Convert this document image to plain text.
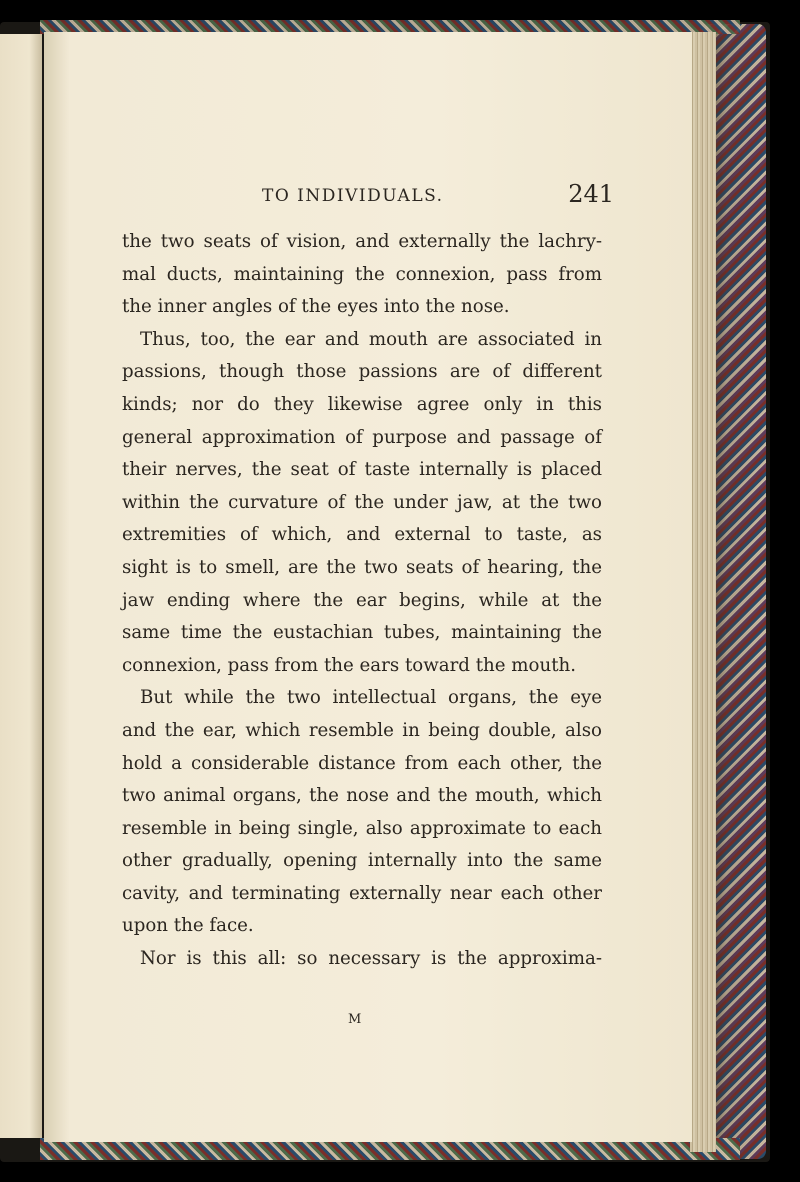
TO INDIVIDUALS.	241
the two seats of vision, and externally the lachry-
mal ducts, maintaining the connexion, pass from
the inner angles of the eyes into the nose.
Thus, too, the ear and mouth are associated in
passions, though those passions are of different
kinds; nor do they likewise agree only in this
general approximation of purpose and passage of
their nerves, the seat of taste internally is placed
within the curvature of the under jaw, at the two
extremities of which, and external to taste, as
sight is to smell, are the two seats of hearing, the
jaw ending where the ear begins, while at the
same time the eustachian tubes, maintaining the
connexion, pass from the ears toward the mouth.
But while the two intellectual organs, the eye
and the ear, which resemble in being double, also
hold a considerable distance from each other, the
two animal organs, the nose and the mouth, which
resemble in being single, also approximate to each
other gradually, opening internally into the same
cavity, and terminating externally near each other
upon the face.
Nor is this all: so necessary is the approxima-
M
